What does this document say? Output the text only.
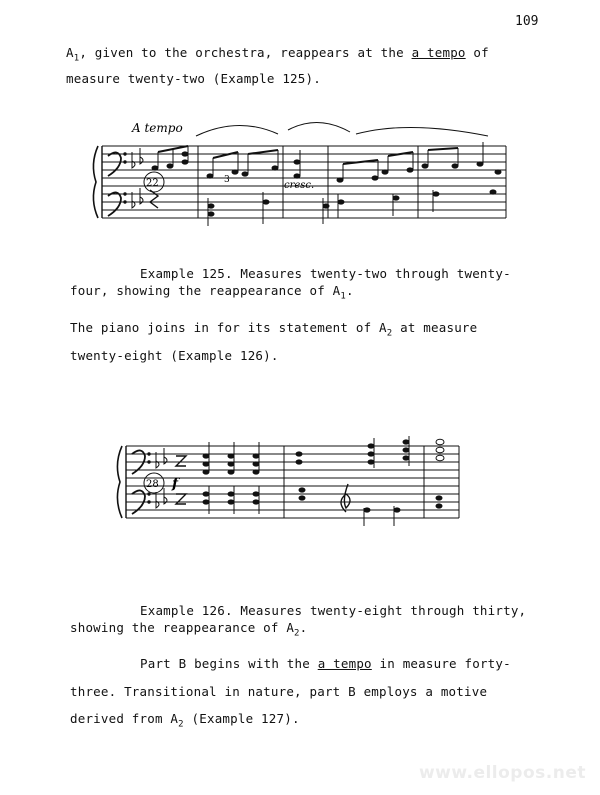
109
$A_1$, given to the orchestra, reappears at the a tempo of
measure twenty-two (Example 125).
A tempo
22	cresc.
3
Example 125. Measures twenty-two through twenty-
four, showing the reappearance of $A_1$.
The piano joins in for its statement of $A_2$ at measure
twenty-eight (Example 126).
28 f
Example 126. Measures twenty-eight through thirty,
showing the reappearance of $A_2$.
Part B begins with the a tempo in measure forty-
three. Transitional in nature, part B employs a motive
derived from $A_2$ (Example 127).
www.ellopos.net
